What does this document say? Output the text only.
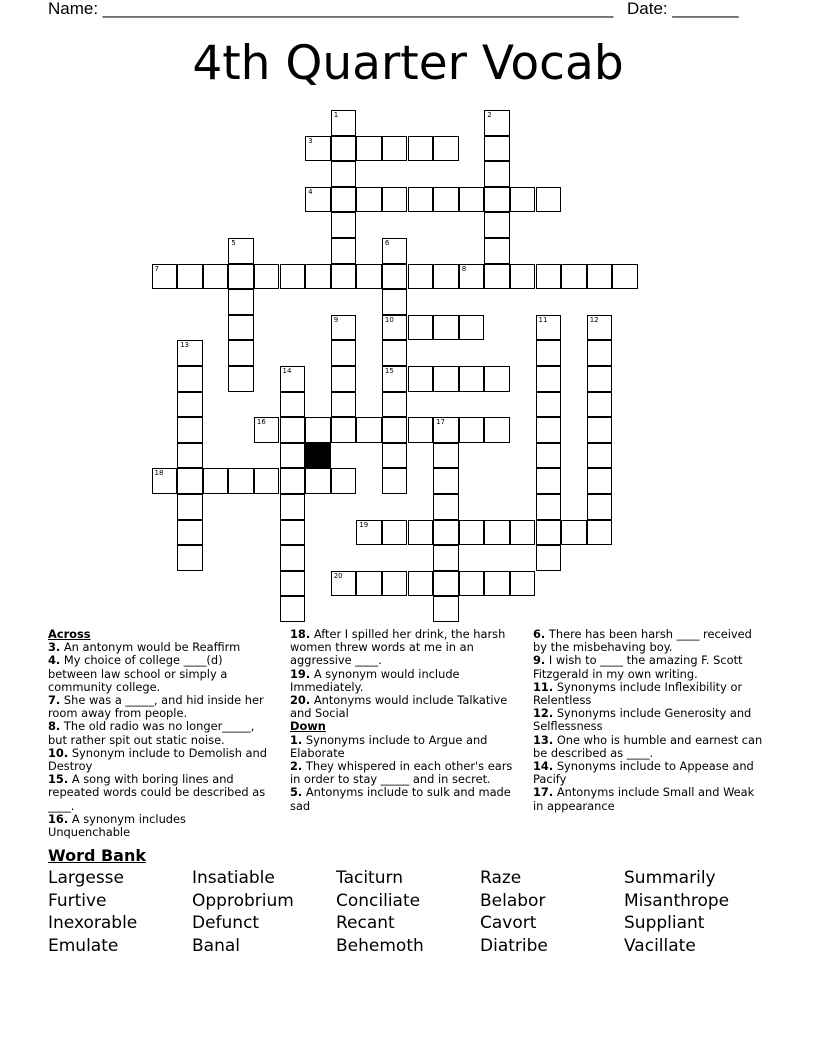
Name: ______________________________________________________ Date: _______
4th Quarter Vocab
1	2
3
4
5	6
7	8
9	10	11	12
13
14	15
16	17
18
19
20

Across

3. An antonym would be Reaffirm

4. My choice of college ____(d) between law school or simply a community college.

7. She was a _____, and hid inside her room away from people.

8. The old radio was no longer_____, but rather spit out static noise.

10. Synonym include to Demolish and Destroy

15. A song with boring lines and repeated words could be described as ____.

16. A synonym includes Unquenchable

18. After I spilled her drink, the harsh women threw words at me in an aggressive ____.

19. A synonym would include Immediately.

20. Antonyms would include Talkative and Social

Down

1. Synonyms include to Argue and Elaborate

2. They whispered in each other's ears in order to stay _____ and in secret.

5. Antonyms include to sulk and made sad

6. There has been harsh ____ received by the misbehaving boy.

9. I wish to ____ the amazing F. Scott Fitzgerald in my own writing.

11. Synonyms include Inflexibility or Relentless

12. Synonyms include Generosity and Selflessness

13. One who is humble and earnest can be described as ____.

14. Synonyms include to Appease and Pacify

17. Antonyms include Small and Weak in appearance

Word Bank
Largesse	Insatiable	Taciturn	Raze	Summarily
Furtive	Opprobrium	Conciliate	Belabor	Misanthrope
Inexorable	Defunct	Recant	Cavort	Suppliant
Emulate	Banal	Behemoth	Diatribe	Vacillate
